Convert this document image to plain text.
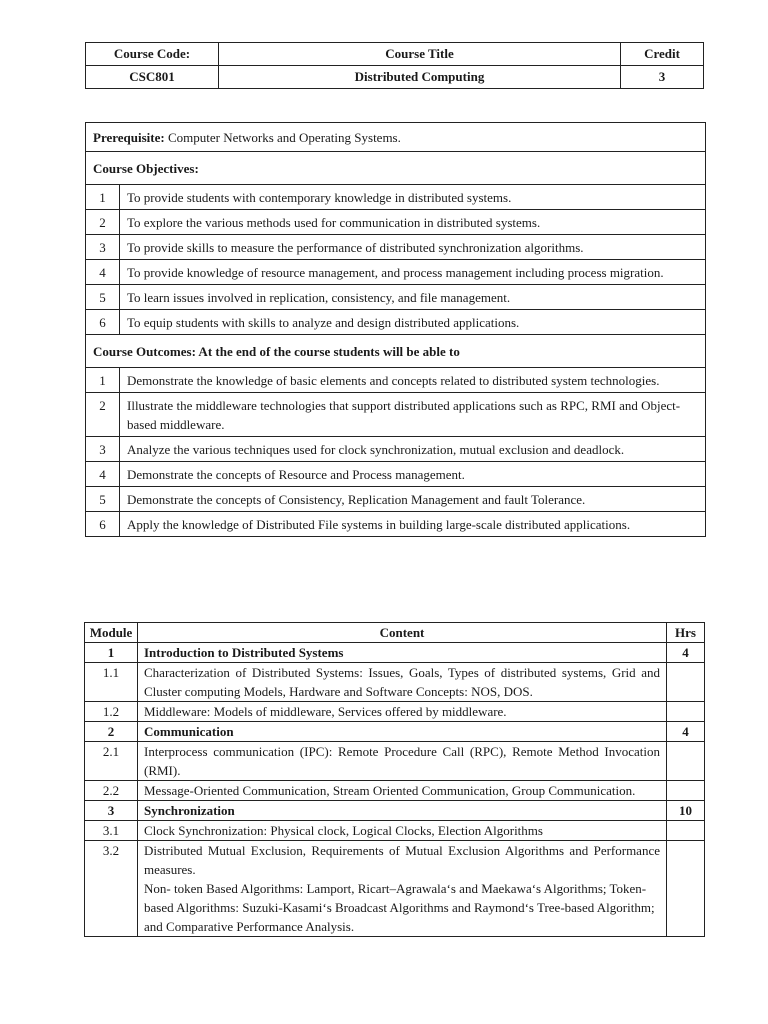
Course Code:	Course Title	Credit
CSC801	Distributed Computing	3
Prerequisite: Computer Networks and Operating Systems.	
Course Objectives:	
1	To provide students with contemporary knowledge in distributed systems.
2	To explore the various methods used for communication in distributed systems.
3	To provide skills to measure the performance of distributed synchronization algorithms.
4	To provide knowledge of resource management, and process management including process migration.
5	To learn issues involved in replication, consistency, and file management.
6	To equip students with skills to analyze and design distributed applications.
Course Outcomes: At the end of the course students will be able to	
1	Demonstrate the knowledge of basic elements and concepts related to distributed system technologies.
2	Illustrate the middleware technologies that support distributed applications such as RPC, RMI and Object-based middleware.
3	Analyze the various techniques used for clock synchronization, mutual exclusion and deadlock.
4	Demonstrate the concepts of Resource and Process management.
5	Demonstrate the concepts of Consistency, Replication Management and fault Tolerance.
6	Apply the knowledge of Distributed File systems in building large-scale distributed applications.
Module	Content	Hrs
1	Introduction to Distributed Systems	4
1.1	Characterization of Distributed Systems: Issues, Goals, Types of distributed systems, Grid and Cluster computing Models, Hardware and Software Concepts: NOS, DOS.	

1.2	Middleware: Models of middleware, Services offered by middleware.	

2	Communication	4
2.1	Interprocess communication (IPC): Remote Procedure Call (RPC), Remote Method Invocation (RMI).	

2.2	Message-Oriented Communication, Stream Oriented Communication, Group Communication.	

3	Synchronization	10
3.1	Clock Synchronization: Physical clock, Logical Clocks, Election Algorithms	

3.2	Distributed Mutual Exclusion, Requirements of Mutual Exclusion Algorithms and Performance measures.
Non- token Based Algorithms: Lamport, Ricart–Agrawala‘s and Maekawa‘s Algorithms; Token-based Algorithms: Suzuki-Kasami‘s Broadcast Algorithms and Raymond‘s Tree-based Algorithm; and Comparative Performance Analysis.	
